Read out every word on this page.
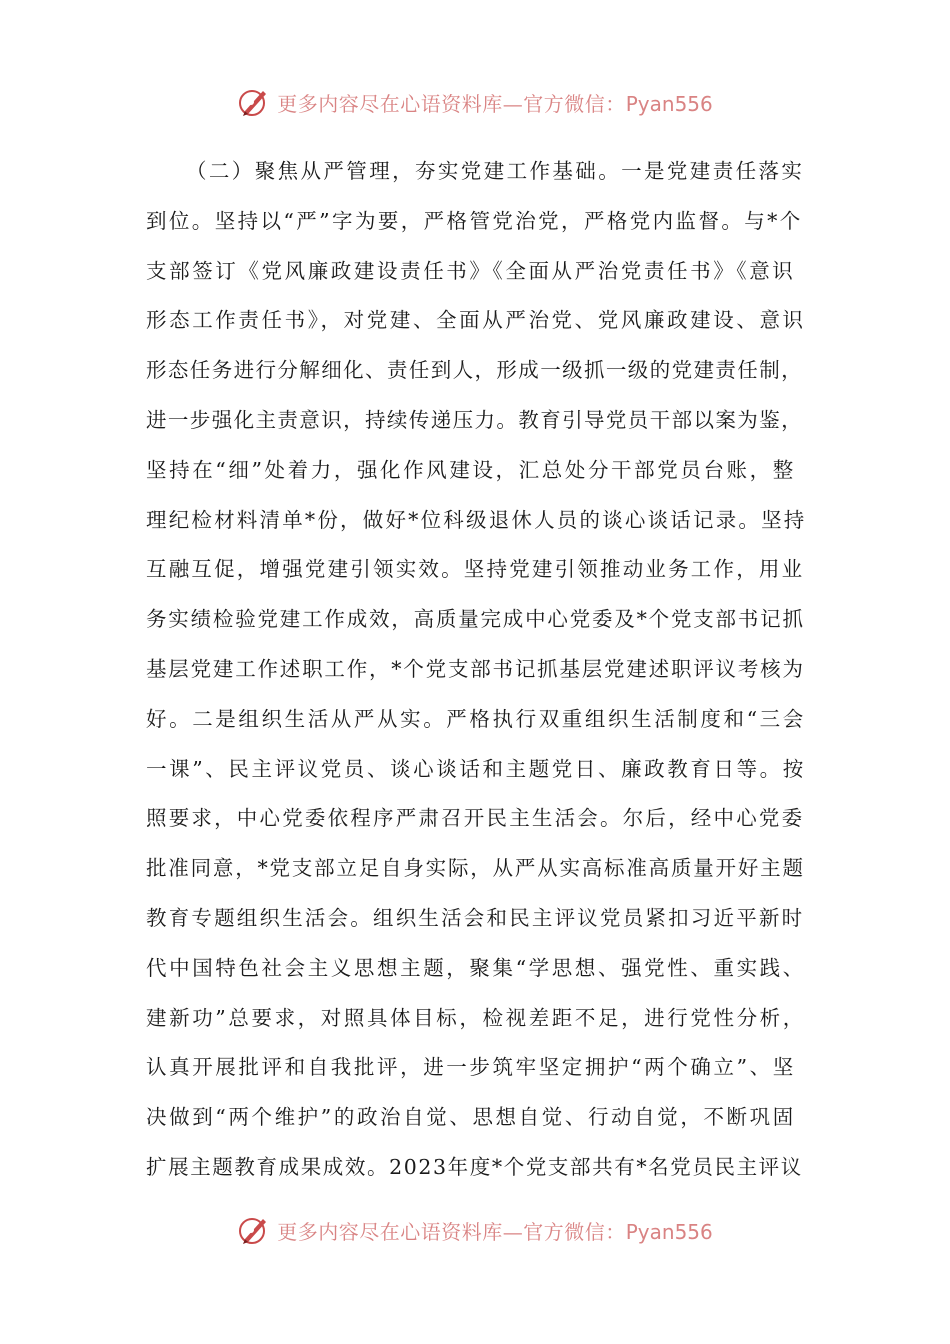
更多内容尽在心语资料库—官方微信：Pyan556
（二）聚焦从严管理，夯实党建工作基础。一是党建责任落实
到位。坚持以“严”字为要，严格管党治党，严格党内监督。与*个
支部签订《党风廉政建设责任书》《全面从严治党责任书》《意识
形态工作责任书》，对党建、全面从严治党、党风廉政建设、意识
形态任务进行分解细化、责任到人，形成一级抓一级的党建责任制，
进一步强化主责意识，持续传递压力。教育引导党员干部以案为鉴，
坚持在“细”处着力，强化作风建设，汇总处分干部党员台账，整
理纪检材料清单*份，做好*位科级退休人员的谈心谈话记录。坚持
互融互促，增强党建引领实效。坚持党建引领推动业务工作，用业
务实绩检验党建工作成效，高质量完成中心党委及*个党支部书记抓
基层党建工作述职工作，*个党支部书记抓基层党建述职评议考核为
好。二是组织生活从严从实。严格执行双重组织生活制度和“三会
一课”、民主评议党员、谈心谈话和主题党日、廉政教育日等。按
照要求，中心党委依程序严肃召开民主生活会。尔后，经中心党委
批准同意，*党支部立足自身实际，从严从实高标准高质量开好主题
教育专题组织生活会。组织生活会和民主评议党员紧扣习近平新时
代中国特色社会主义思想主题，聚集“学思想、强党性、重实践、
建新功”总要求，对照具体目标，检视差距不足，进行党性分析，
认真开展批评和自我批评，进一步筑牢坚定拥护“两个确立”、坚
决做到“两个维护”的政治自觉、思想自觉、行动自觉，不断巩固
扩展主题教育成果成效。2023年度*个党支部共有*名党员民主评议
更多内容尽在心语资料库—官方微信：Pyan556
